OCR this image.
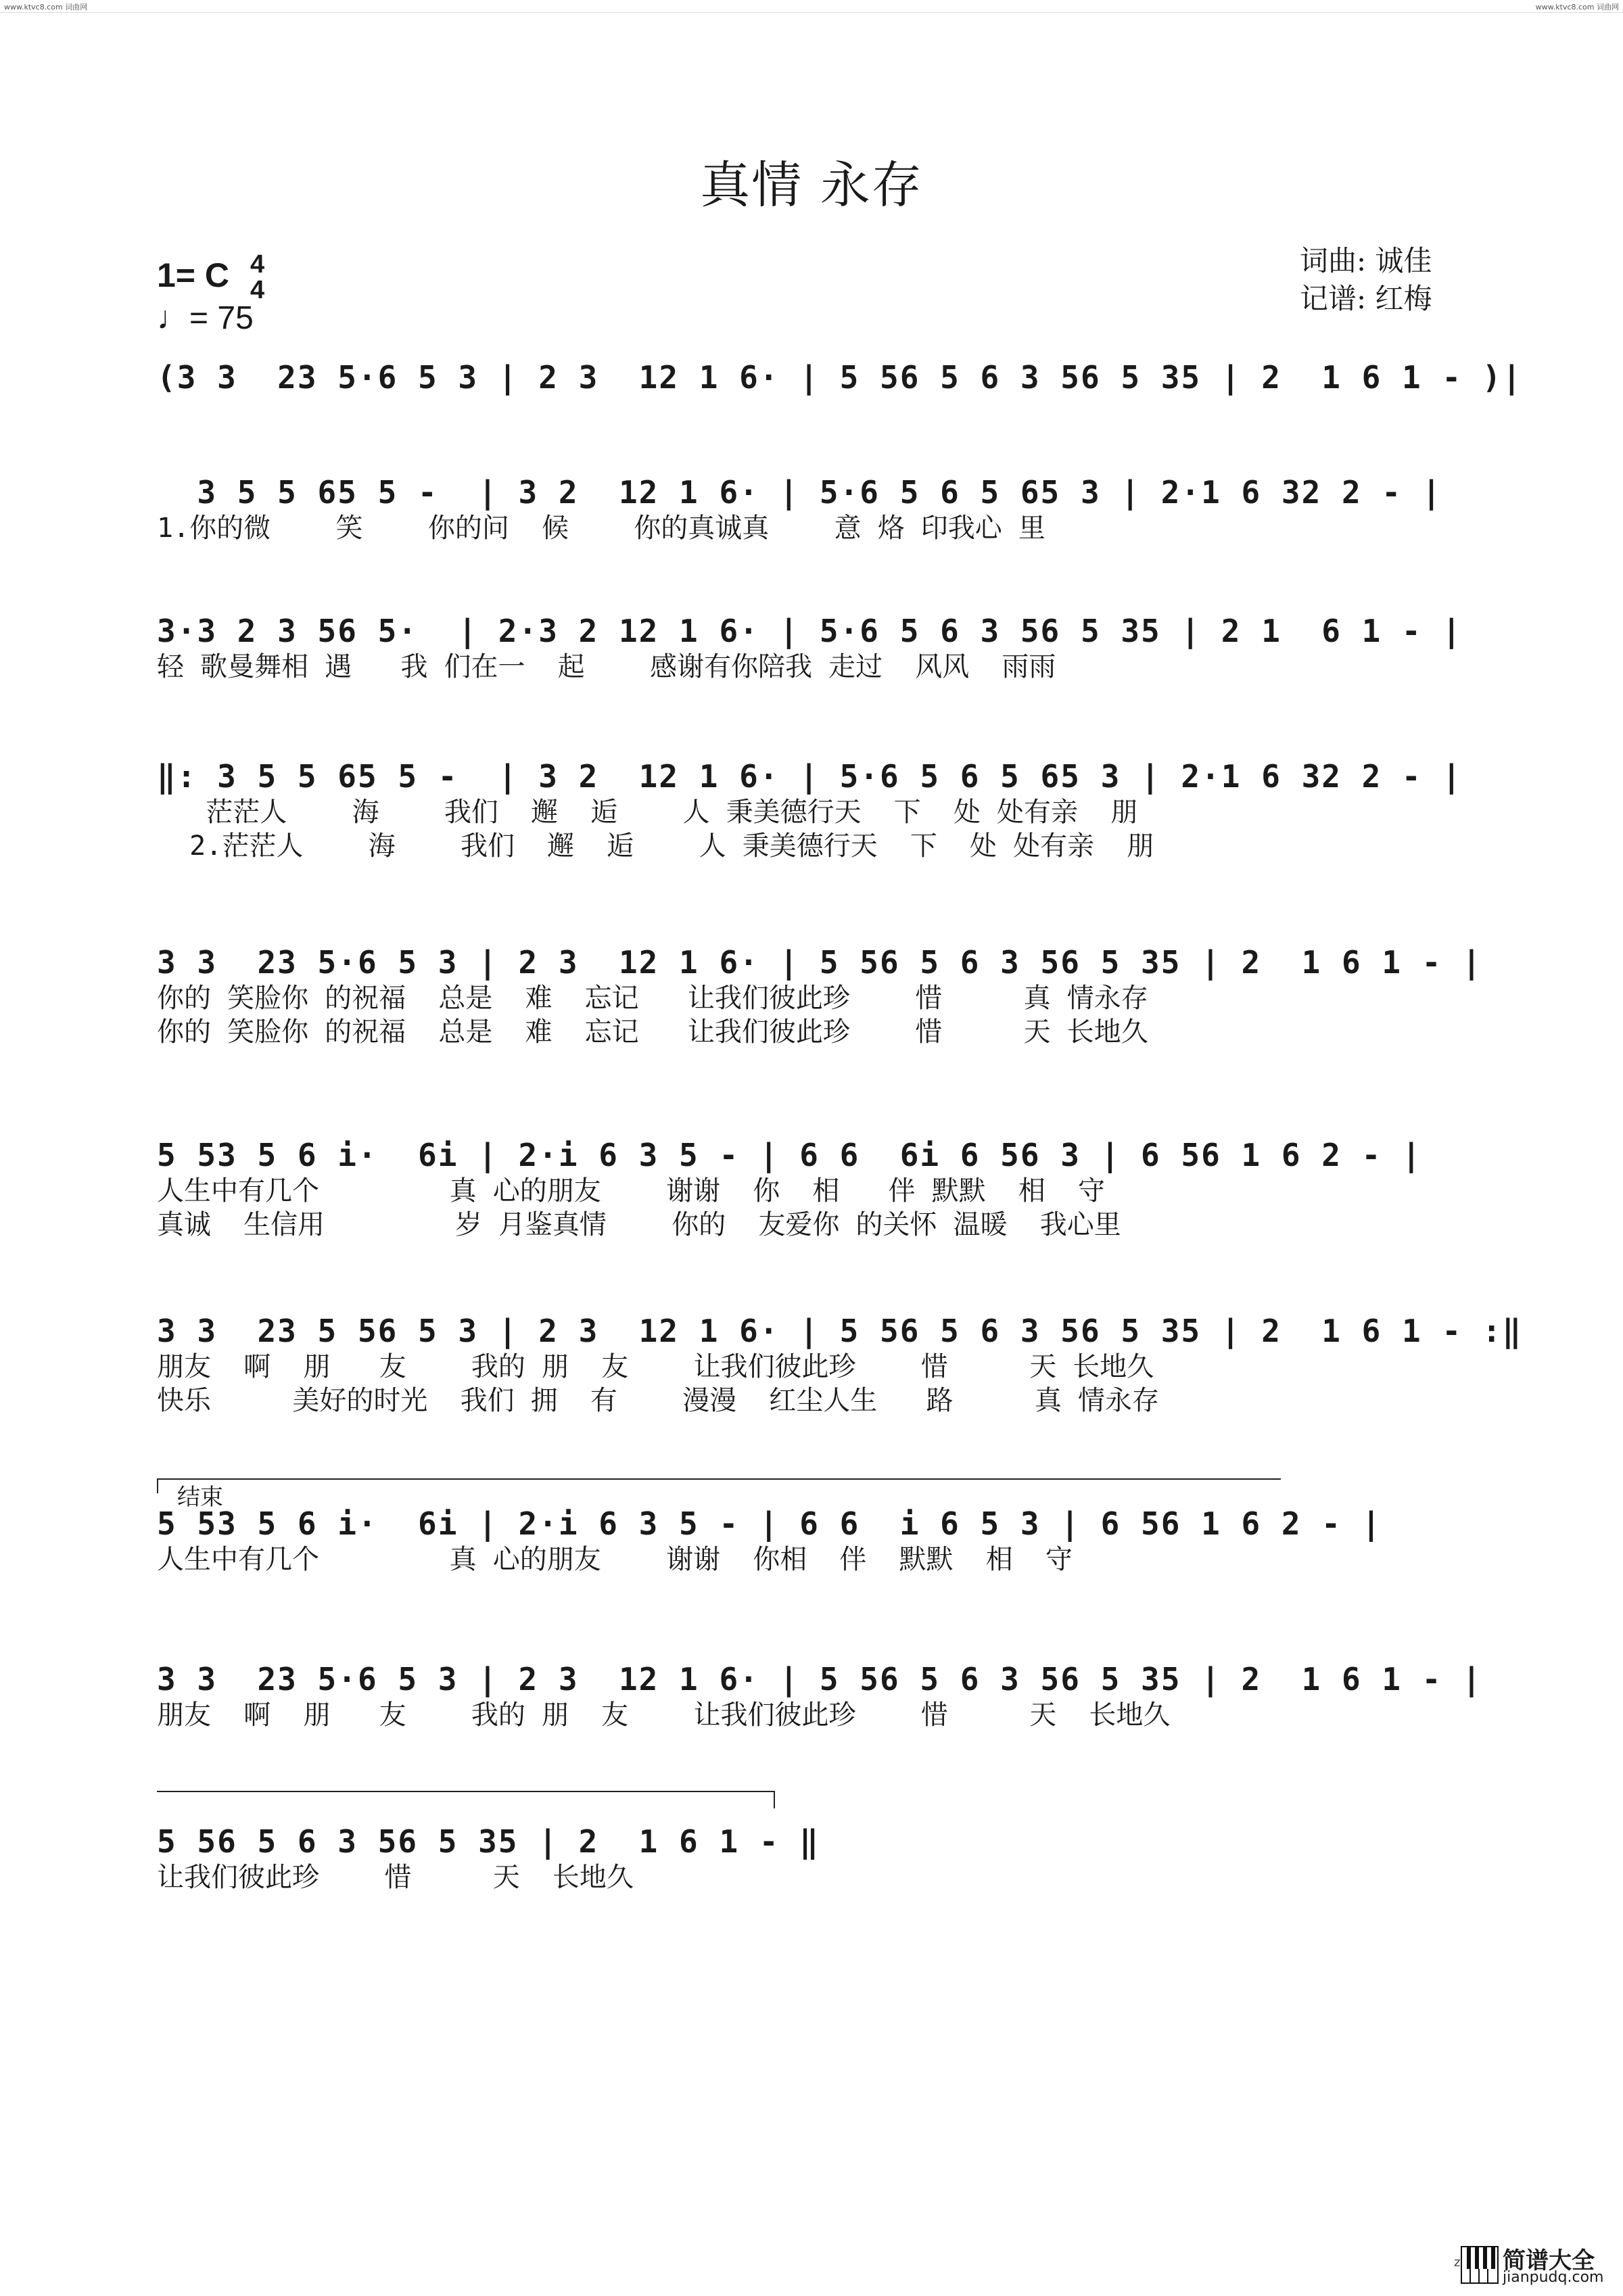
www.ktvc8.com 词曲网	www.ktvc8.com 词曲网
真情 永存
1= C 4
4
♩= 75
词曲: 诚佳
记谱: 红梅
(3 3  23 5·6 5 3 | 2 3  12 1 6· | 5 56 5 6 3 56 5 35 | 2  1 6 1 - )|
3 5 5 65 5 -  | 3 2  12 1 6· | 5·6 5 6 5 65 3 | 2·1 6 32 2 - |
1.你的微    笑    你的问  候    你的真诚真    意 烙 印我心 里
3·3 2 3 56 5·  | 2·3 2 12 1 6· | 5·6 5 6 3 56 5 35 | 2 1  6 1 - |
轻 歌曼舞相 遇   我 们在一  起    感谢有你陪我 走过  风风  雨雨
‖: 3 5 5 65 5 -  | 3 2  12 1 6· | 5·6 5 6 5 65 3 | 2·1 6 32 2 - |
茫茫人    海    我们  邂  逅    人 秉美德行天  下  处 处有亲  朋
2.茫茫人    海    我们  邂  逅    人 秉美德行天  下  处 处有亲  朋
3 3  23 5·6 5 3 | 2 3  12 1 6· | 5 56 5 6 3 56 5 35 | 2  1 6 1 - |
你的 笑脸你 的祝福  总是  难  忘记   让我们彼此珍    惜     真 情永存
你的 笑脸你 的祝福  总是  难  忘记   让我们彼此珍    惜     天 长地久
5 53 5 6 i·  6i | 2·i 6 3 5 - | 6 6  6i 6 56 3 | 6 56 1 6 2 - |
人生中有几个        真 心的朋友    谢谢  你  相   伴 默默  相  守
真诚  生信用        岁 月鉴真情    你的  友爱你 的关怀 温暖  我心里
3 3  23 5 56 5 3 | 2 3  12 1 6· | 5 56 5 6 3 56 5 35 | 2  1 6 1 - :‖
朋友  啊  朋   友    我的 朋  友    让我们彼此珍    惜     天 长地久
快乐     美好的时光  我们 拥  有    漫漫  红尘人生   路     真 情永存
结束
5 53 5 6 i·  6i | 2·i 6 3 5 - | 6 6  i 6 5 3 | 6 56 1 6 2 - |
人生中有几个        真 心的朋友    谢谢  你相  伴  默默  相  守
3 3  23 5·6 5 3 | 2 3  12 1 6· | 5 56 5 6 3 56 5 35 | 2  1 6 1 - |
朋友  啊  朋   友    我的 朋  友    让我们彼此珍    惜     天  长地久
5 56 5 6 3 56 5 35 | 2  1 6 1 - ‖
让我们彼此珍    惜     天  长地久
z 简谱大全
jianpudq.com
